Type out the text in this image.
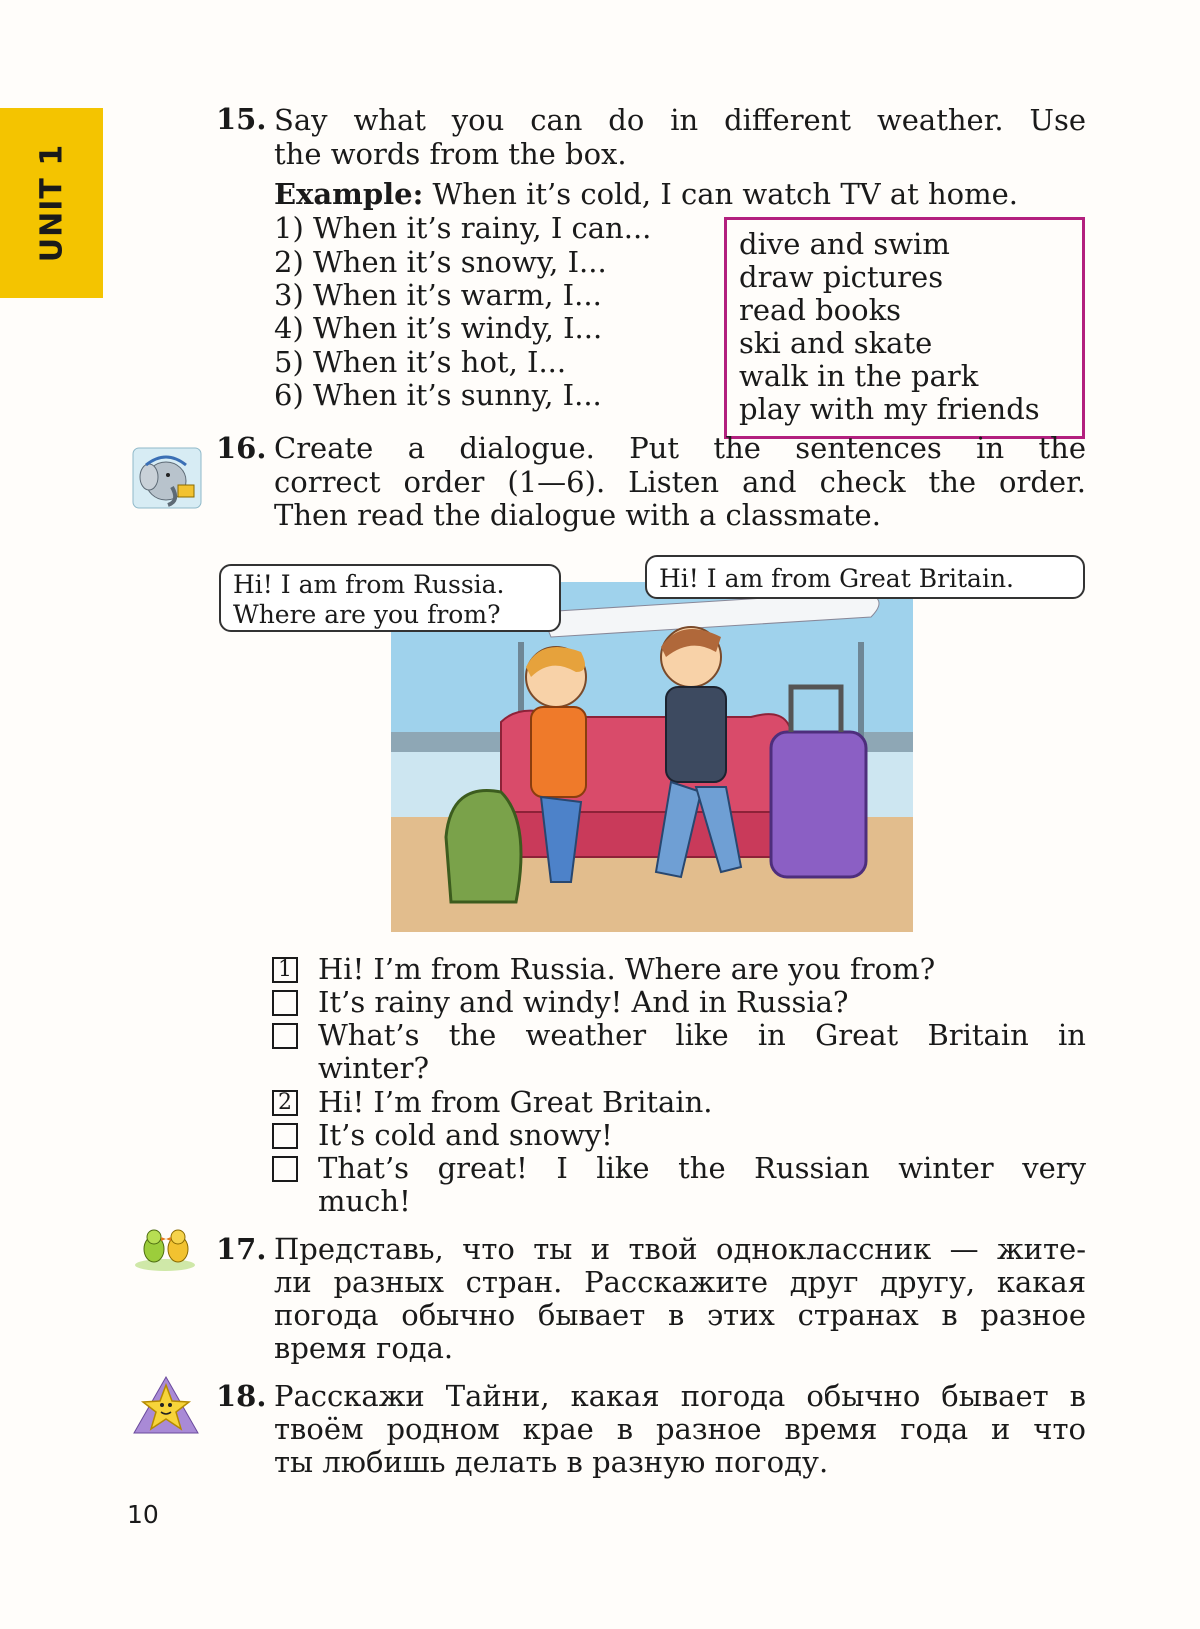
UNIT 1
15. Say what you can do in different weather. Use
the words from the box.
Example: When it’s cold, I can watch TV at home.
1) When it’s rainy, I can...
2) When it’s snowy, I...
3) When it’s warm, I...
4) When it’s windy, I...
5) When it’s hot, I...
6) When it’s sunny, I...
dive and swim
draw pictures
read books
ski and skate
walk in the park
play with my friends
16. Create a dialogue. Put the sentences in the
correct order (1—6). Listen and check the order.
Then read the dialogue with a classmate.
Hi! I am from Russia.
Where are you from?
Hi! I am from Great Britain.
1 Hi! I’m from Russia. Where are you from?
It’s rainy and windy! And in Russia?
What’s the weather like in Great Britain in
winter?
2 Hi! I’m from Great Britain.
It’s cold and snowy!
That’s great! I like the Russian winter very
much!
17. Представь, что ты и твой одноклассник — жите-
ли разных стран. Расскажите друг другу, какая
погода обычно бывает в этих странах в разное
время года.
18. Расскажи Тайни, какая погода обычно бывает в
твоём родном крае в разное время года и что
ты любишь делать в разную погоду.
10
